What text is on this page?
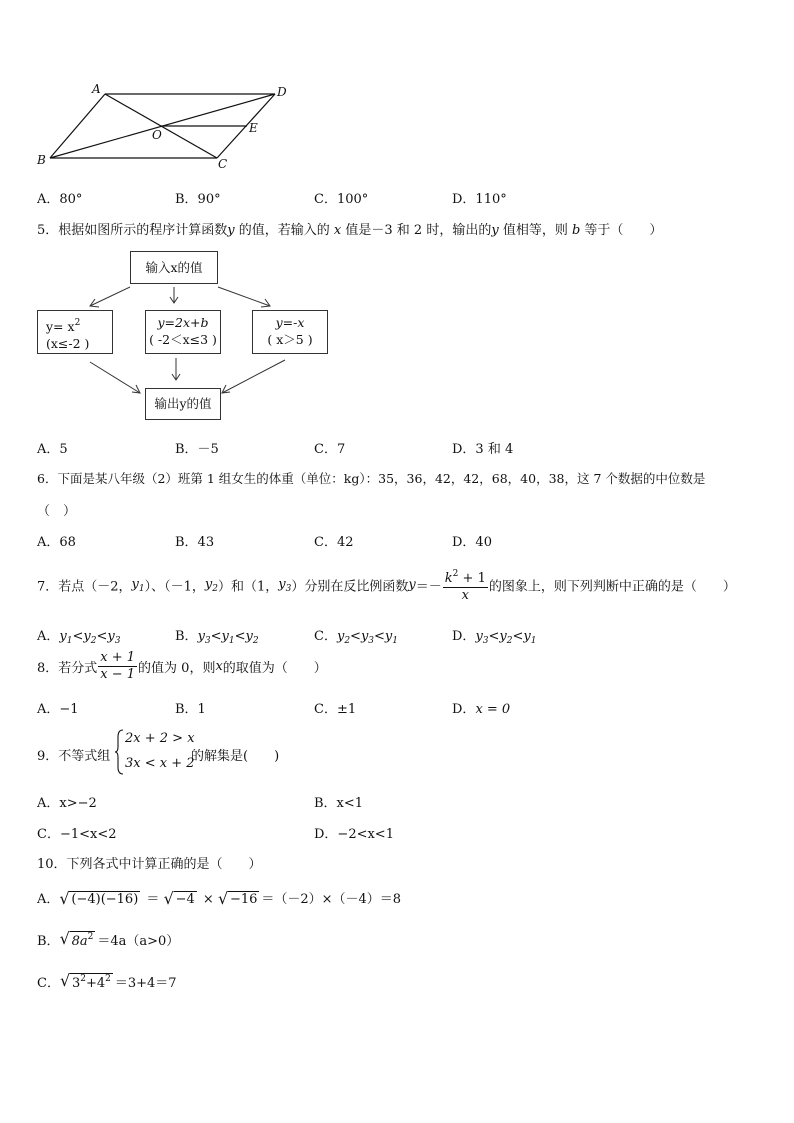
A	D
O	E
B	C
A．80°	B．90°	C．100°	D．110°
5．根据如图所示的程序计算函数y 的值，若输入的 x 值是－3 和 2 时，输出的y 值相等，则 b 等于（　　）
输入x的值
$y= x^2$
(x≤-2 )
y=2x+b
( -2＜x≤3 )
y=-x
( x＞5 )
输出y的值
A．5	B．－5	C．7	D．3 和 4
6．下面是某八年级（2）班第 1 组女生的体重（单位：kg）：35，36，42，42，68，40，38，这 7 个数据的中位数是
（　）
A．68	B．43	C．42	D．40
7．若点（－2，$y_1$）、（－1，$y_2$）和（1，$y_3$）分别在反比例函数$y=- \frac{k^2 + 1}{x}$ 的图象上，则下列判断中正确的是（　　）
A．$y_1<y_2<y_3$	B．$y_3<y_1<y_2$	C．$y_2<y_3<y_1$	D．$y_3<y_2<y_1$
8．若分式 $\frac{x + 1}{x - 1}$ 的值为 0，则x的取值为（　　）
A．−1	B．1	C．±1	D．x = 0
9．不等式组
2x + 2 > x
3x < x + 2
的解集是(　　)
A．x>−2	B．x<1
C．−1<x<2	D．−2<x<1
10．下列各式中计算正确的是（　　）
A． √ (−4)(−16) ＝ √ −4 × √ −16 ＝（－2）×（－4）＝8
B． √ $8a^2 =4a(a>0)$
C． √ $3^2+4^2 =3+4=7$
